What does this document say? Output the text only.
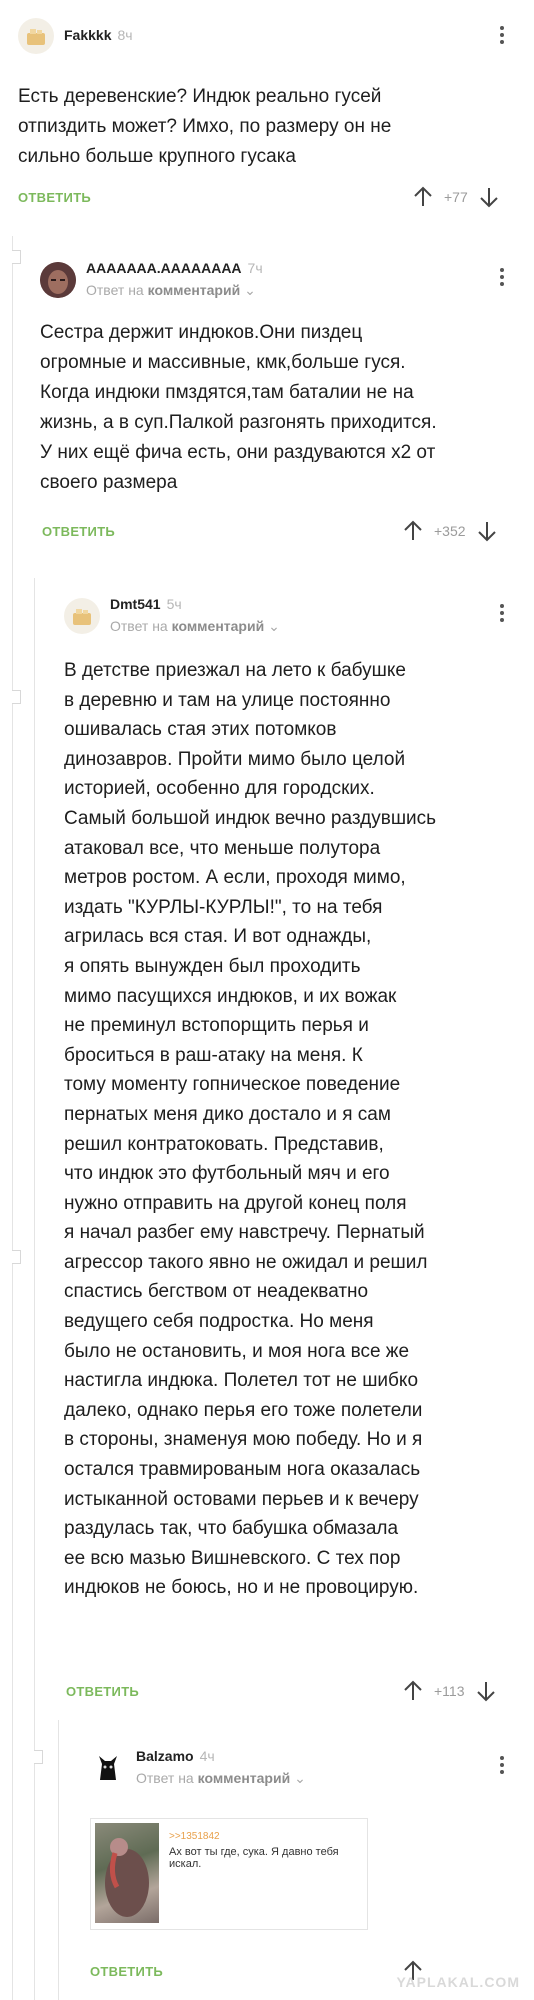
Fakkkk 8ч
Есть деревенские? Индюк реально гусей
отпиздить может? Имхо, по размеру он не
сильно больше крупного гусака
ОТВЕТИТЬ	+77
AAAAAAA.AAAAAAAA 7ч
Ответ на комментарий ⌄
Сестра держит индюков.Они пиздец
огромные и массивные, кмк,больше гуся.
Когда индюки пмздятся,там баталии не на
жизнь, а в суп.Палкой разгонять приходится.
У них ещё фича есть, они раздуваются х2 от
своего размера
ОТВЕТИТЬ	+352
Dmt541 5ч
Ответ на комментарий ⌄
В детстве приезжал на лето к бабушке
в деревню и там на улице постоянно
ошивалась стая этих потомков
динозавров. Пройти мимо было целой
историей, особенно для городских.
Самый большой индюк вечно раздувшись
атаковал все, что меньше полутора
метров ростом. А если, проходя мимо,
издать "КУРЛЫ-КУРЛЫ!", то на тебя
агрилась вся стая. И вот однажды,
я опять вынужден был проходить
мимо пасущихся индюков, и их вожак
не преминул встопорщить перья и
броситься в раш-атаку на меня. К
тому моменту гопническое поведение
пернатых меня дико достало и я сам
решил контратоковать. Представив,
что индюк это футбольный мяч и его
нужно отправить на другой конец поля
я начал разбег ему навстречу. Пернатый
агрессор такого явно не ожидал и решил
спастись бегством от неадекватно
ведущего себя подростка. Но меня
было не остановить, и моя нога все же
настигла индюка. Полетел тот не шибко
далеко, однако перья его тоже полетели
в стороны, знаменуя мою победу. Но и я
остался травмированым нога оказалась
истыканной остовами перьев и к вечеру
раздулась так, что бабушка обмазала
ее всю мазью Вишневского. С тех пор
индюков не боюсь, но и не провоцирую.
ОТВЕТИТЬ	+113
Balzamo 4ч
Ответ на комментарий ⌄
>>1351842
Ах вот ты где, сука. Я давно тебя искал.
ОТВЕТИТЬ
YAPLAKAL.COM
